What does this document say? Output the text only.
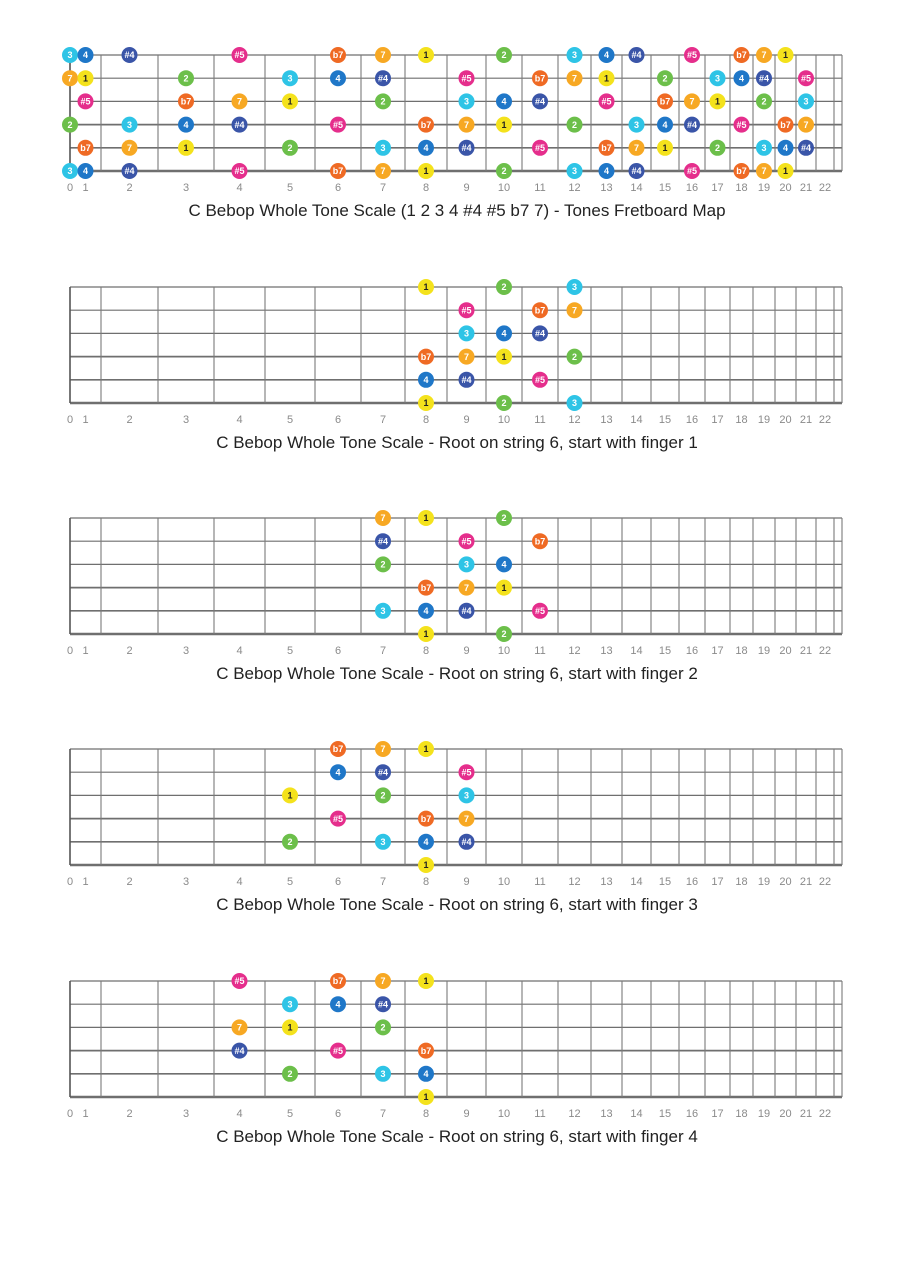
0 1	2	3	4	5	6	7	8	9	10 11 12 13 14 15 16 17 18 19 20 21 22
C Bebop Whole Tone Scale (1 2 3 4 #4 #5 b7 7) - Tones Fretboard Map
3 4	#4	#5	b7	7	1	2	3	4 #4	#5	b7 7 1
7 1	2	3	4	#4	#5	b7	7	1	2	3 4 #4	#5
#5	b7	7	1	2	3	4	#4	#5	b7 7 1	2	3
2	3	4	#4	#5	b7	7	1	2	3	4 #4	#5	b7 7
b7	7	1	2	3	4	#4	#5	b7 7	1	2	3 4 #4
3 4	#4	#5	b7	7	1	2	3	4 #4	#5	b7 7 1
0 1	2	3	4	5	6	7	8	9	10 11 12 13 14 15 16 17 18 19 20 21 22
C Bebop Whole Tone Scale - Root on string 6, start with finger 1
1	2	3
#5	b7	7
3	4	#4
b7	7	1	2
4	#4	#5
1	2	3
0 1	2	3	4	5	6	7	8	9	10 11 12 13 14 15 16 17 18 19 20 21 22
C Bebop Whole Tone Scale - Root on string 6, start with finger 2
7	1	2
#4	#5	b7
2	3	4
b7	7	1
3	4	#4	#5
1	2
0 1	2	3	4	5	6	7	8	9	10 11 12 13 14 15 16 17 18 19 20 21 22
C Bebop Whole Tone Scale - Root on string 6, start with finger 3
b7	7	1
4	#4	#5
1	2	3
#5	b7	7
2	3	4	#4
1
0 1	2	3	4	5	6	7	8	9	10 11 12 13 14 15 16 17 18 19 20 21 22
C Bebop Whole Tone Scale - Root on string 6, start with finger 4
#5	b7	7	1
3	4	#4
7	1	2
#4	#5	b7
2	3	4
1
